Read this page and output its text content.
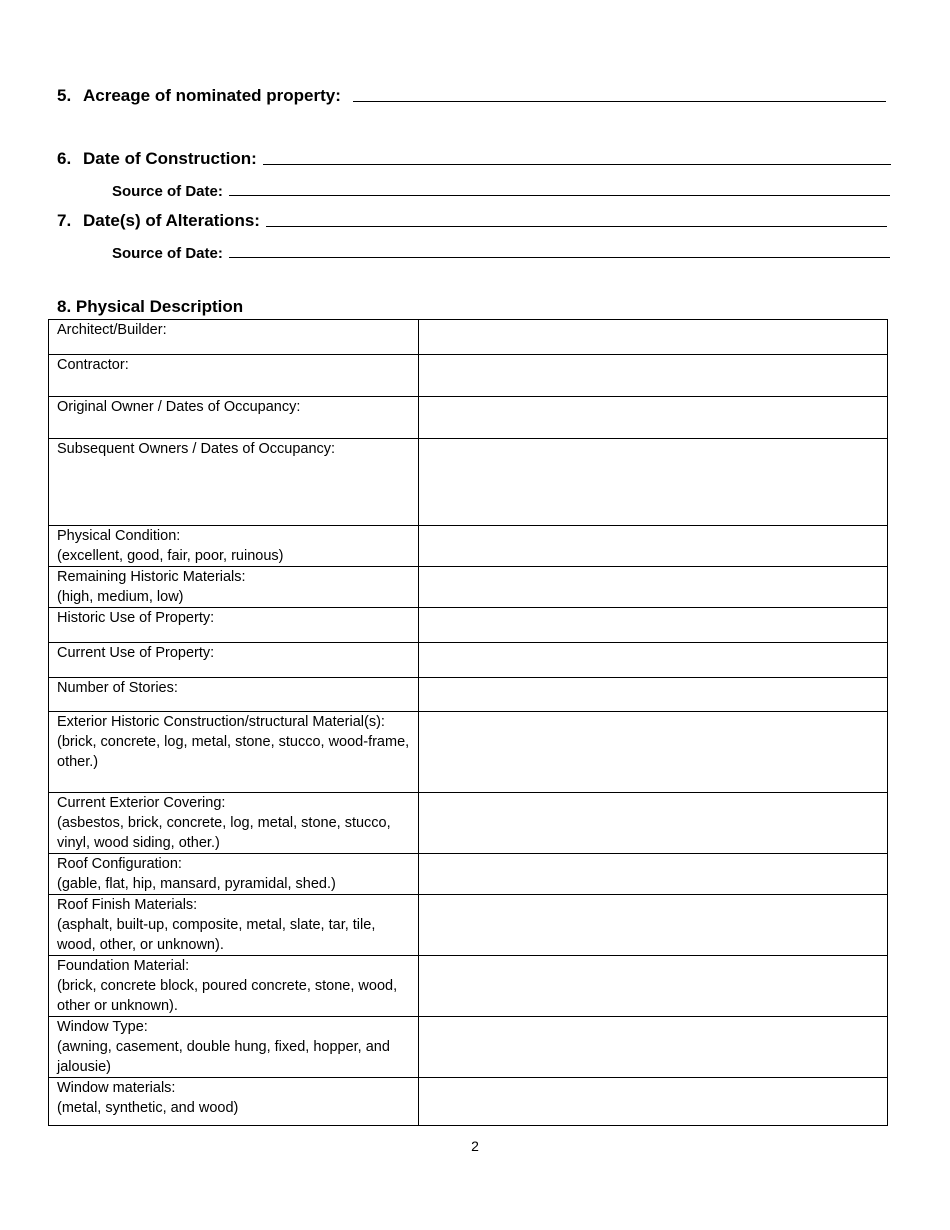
5. Acreage of nominated property:
6. Date of Construction:
Source of Date:
7. Date(s) of Alterations:
Source of Date:
8. Physical Description
Architect/Builder:	

Contractor:	

Original Owner / Dates of Occupancy:	

Subsequent Owners / Dates of Occupancy:	

Physical Condition:
(excellent, good, fair, poor, ruinous)	

Remaining Historic Materials:
(high, medium, low)	

Historic Use of Property:	

Current Use of Property:	

Number of Stories:	

Exterior Historic Construction/structural Material(s):
(brick, concrete, log, metal, stone, stucco, wood-frame, other.)	

Current Exterior Covering:
(asbestos, brick, concrete, log, metal, stone, stucco, vinyl, wood siding, other.)	

Roof Configuration:
(gable, flat, hip, mansard, pyramidal, shed.)	

Roof Finish Materials:
(asphalt, built-up, composite, metal, slate, tar, tile, wood, other, or unknown).	

Foundation Material:
(brick, concrete block, poured concrete, stone, wood, other or unknown).	

Window Type:
(awning, casement, double hung, fixed, hopper, and jalousie)	

Window materials:
(metal, synthetic, and wood)	

2
